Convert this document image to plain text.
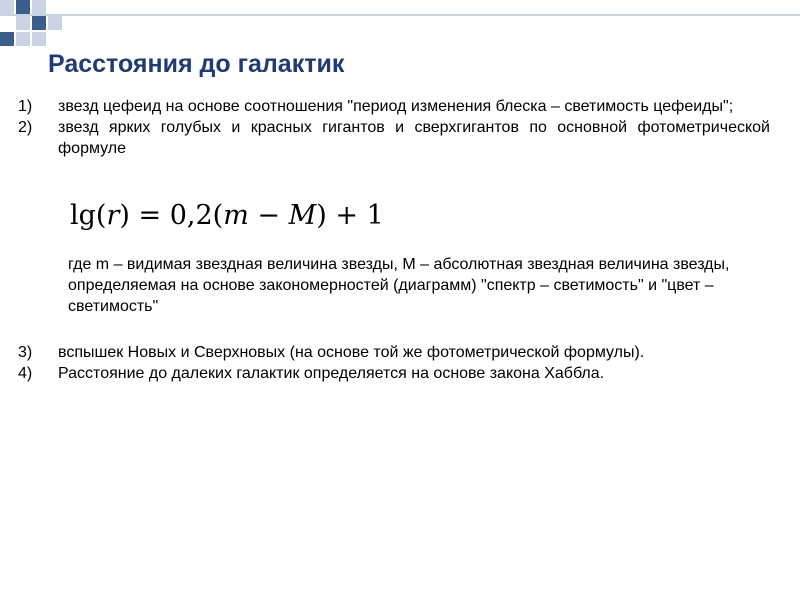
Расстояния до галактик
1)	звезд цефеид на основе соотношения "период изменения блеска – светимость цефеиды";
2)	звезд ярких голубых и красных гигантов и сверхгигантов по основной фотометрической формуле
lg(r) = 0,2(m − M) + 1
где m – видимая звездная величина звезды, M – абсолютная звездная величина звезды, определяемая на основе закономерностей (диаграмм) "спектр – светимость" и "цвет – светимость"
3)	вспышек Новых и Сверхновых (на основе той же фотометрической формулы).
4)	Расстояние до далеких галактик определяется на основе закона Хаббла.
